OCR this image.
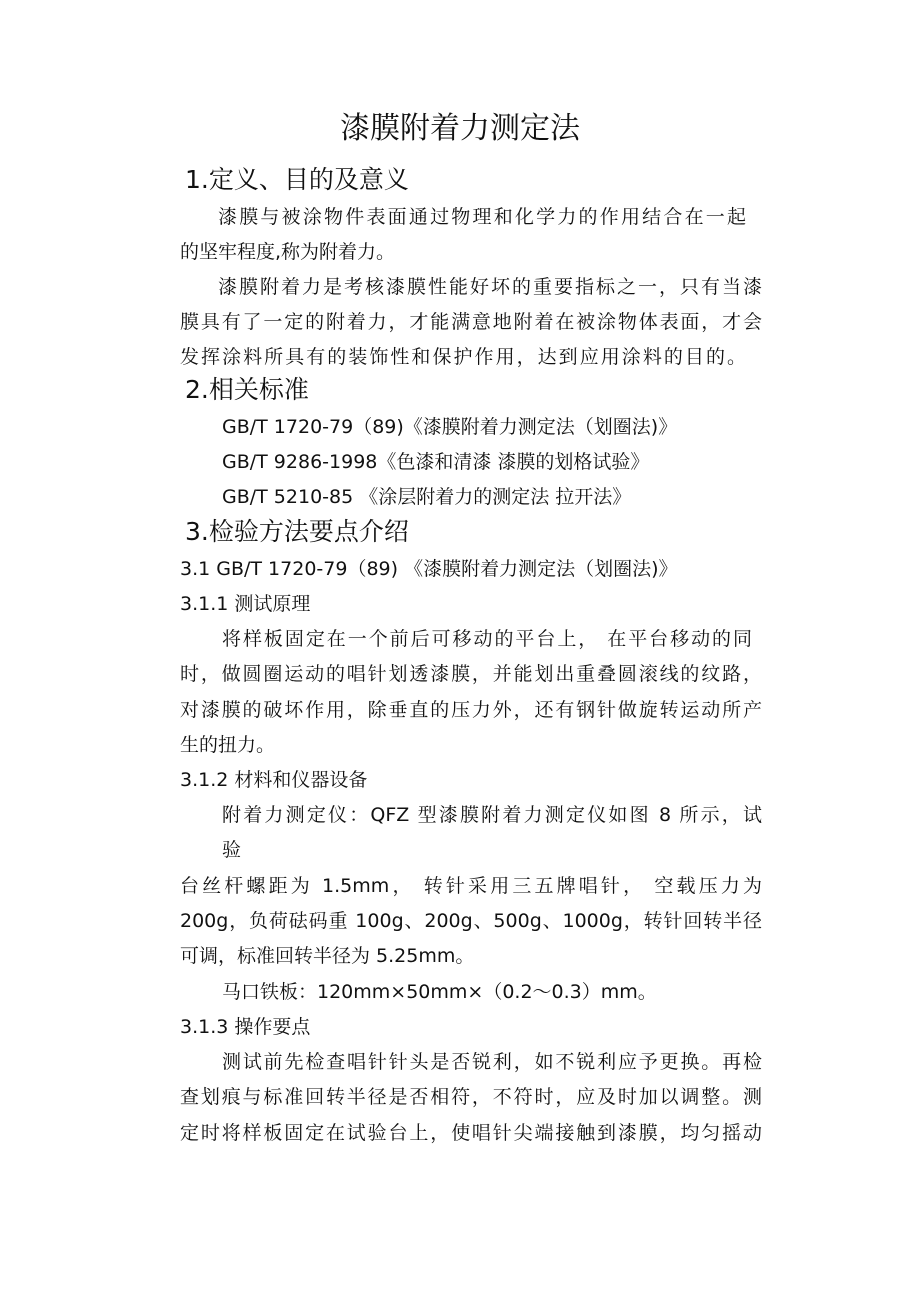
漆膜附着力测定法
1.定义、目的及意义
漆膜与被涂物件表面通过物理和化学力的作用结合在一起
的坚牢程度,称为附着力。
漆膜附着力是考核漆膜性能好坏的重要指标之一，只有当漆
膜具有了一定的附着力，才能满意地附着在被涂物体表面，才会
发挥涂料所具有的装饰性和保护作用，达到应用涂料的目的。
2.相关标准
GB/T 1720-79（89)《漆膜附着力测定法（划圈法)》
GB/T 9286-1998《色漆和清漆 漆膜的划格试验》
GB/T 5210-85 《涂层附着力的测定法 拉开法》
3.检验方法要点介绍
3.1 GB/T 1720-79（89) 《漆膜附着力测定法（划圈法)》
3.1.1 测试原理
将样板固定在一个前后可移动的平台上， 在平台移动的同
时，做圆圈运动的唱针划透漆膜，并能划出重叠圆滚线的纹路，
对漆膜的破坏作用，除垂直的压力外，还有钢针做旋转运动所产
生的扭力。
3.1.2 材料和仪器设备
附着力测定仪：QFZ 型漆膜附着力测定仪如图 8 所示，试
验
台丝杆螺距为 1.5mm， 转针采用三五牌唱针， 空载压力为
200g，负荷砝码重 100g、200g、500g、1000g，转针回转半径
可调，标准回转半径为 5.25mm。
马口铁板：120mm×50mm×（0.2～0.3）mm。
3.1.3 操作要点
测试前先检查唱针针头是否锐利，如不锐利应予更换。再检
查划痕与标准回转半径是否相符，不符时，应及时加以调整。测
定时将样板固定在试验台上，使唱针尖端接触到漆膜，均匀摇动
